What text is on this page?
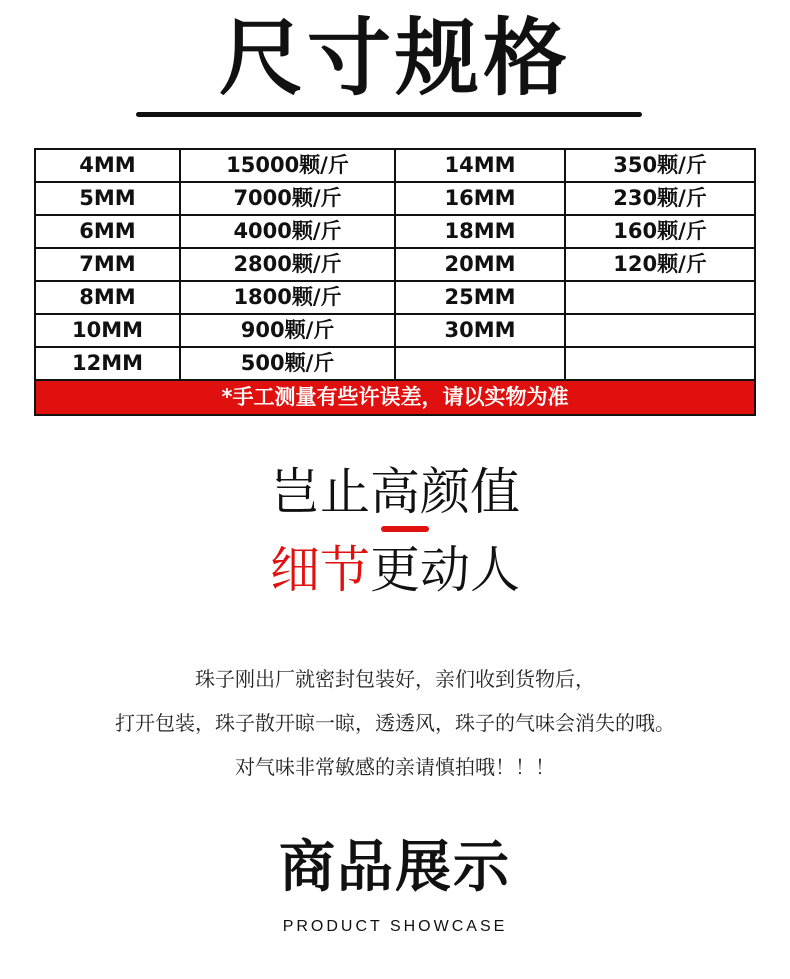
尺寸规格
4MM	15000颗/斤	14MM	350颗/斤
5MM	7000颗/斤	16MM	230颗/斤
6MM	4000颗/斤	18MM	160颗/斤
7MM	2800颗/斤	20MM	120颗/斤
8MM	1800颗/斤	25MM	
10MM	900颗/斤	30MM	
12MM	500颗/斤		
*手工测量有些许误差，请以实物为准			
岂止高颜值
细节更动人
珠子刚出厂就密封包装好，亲们收到货物后，
打开包装，珠子散开晾一晾，透透风，珠子的气味会消失的哦。
对气味非常敏感的亲请慎拍哦！！！
商品展示
PRODUCT SHOWCASE
